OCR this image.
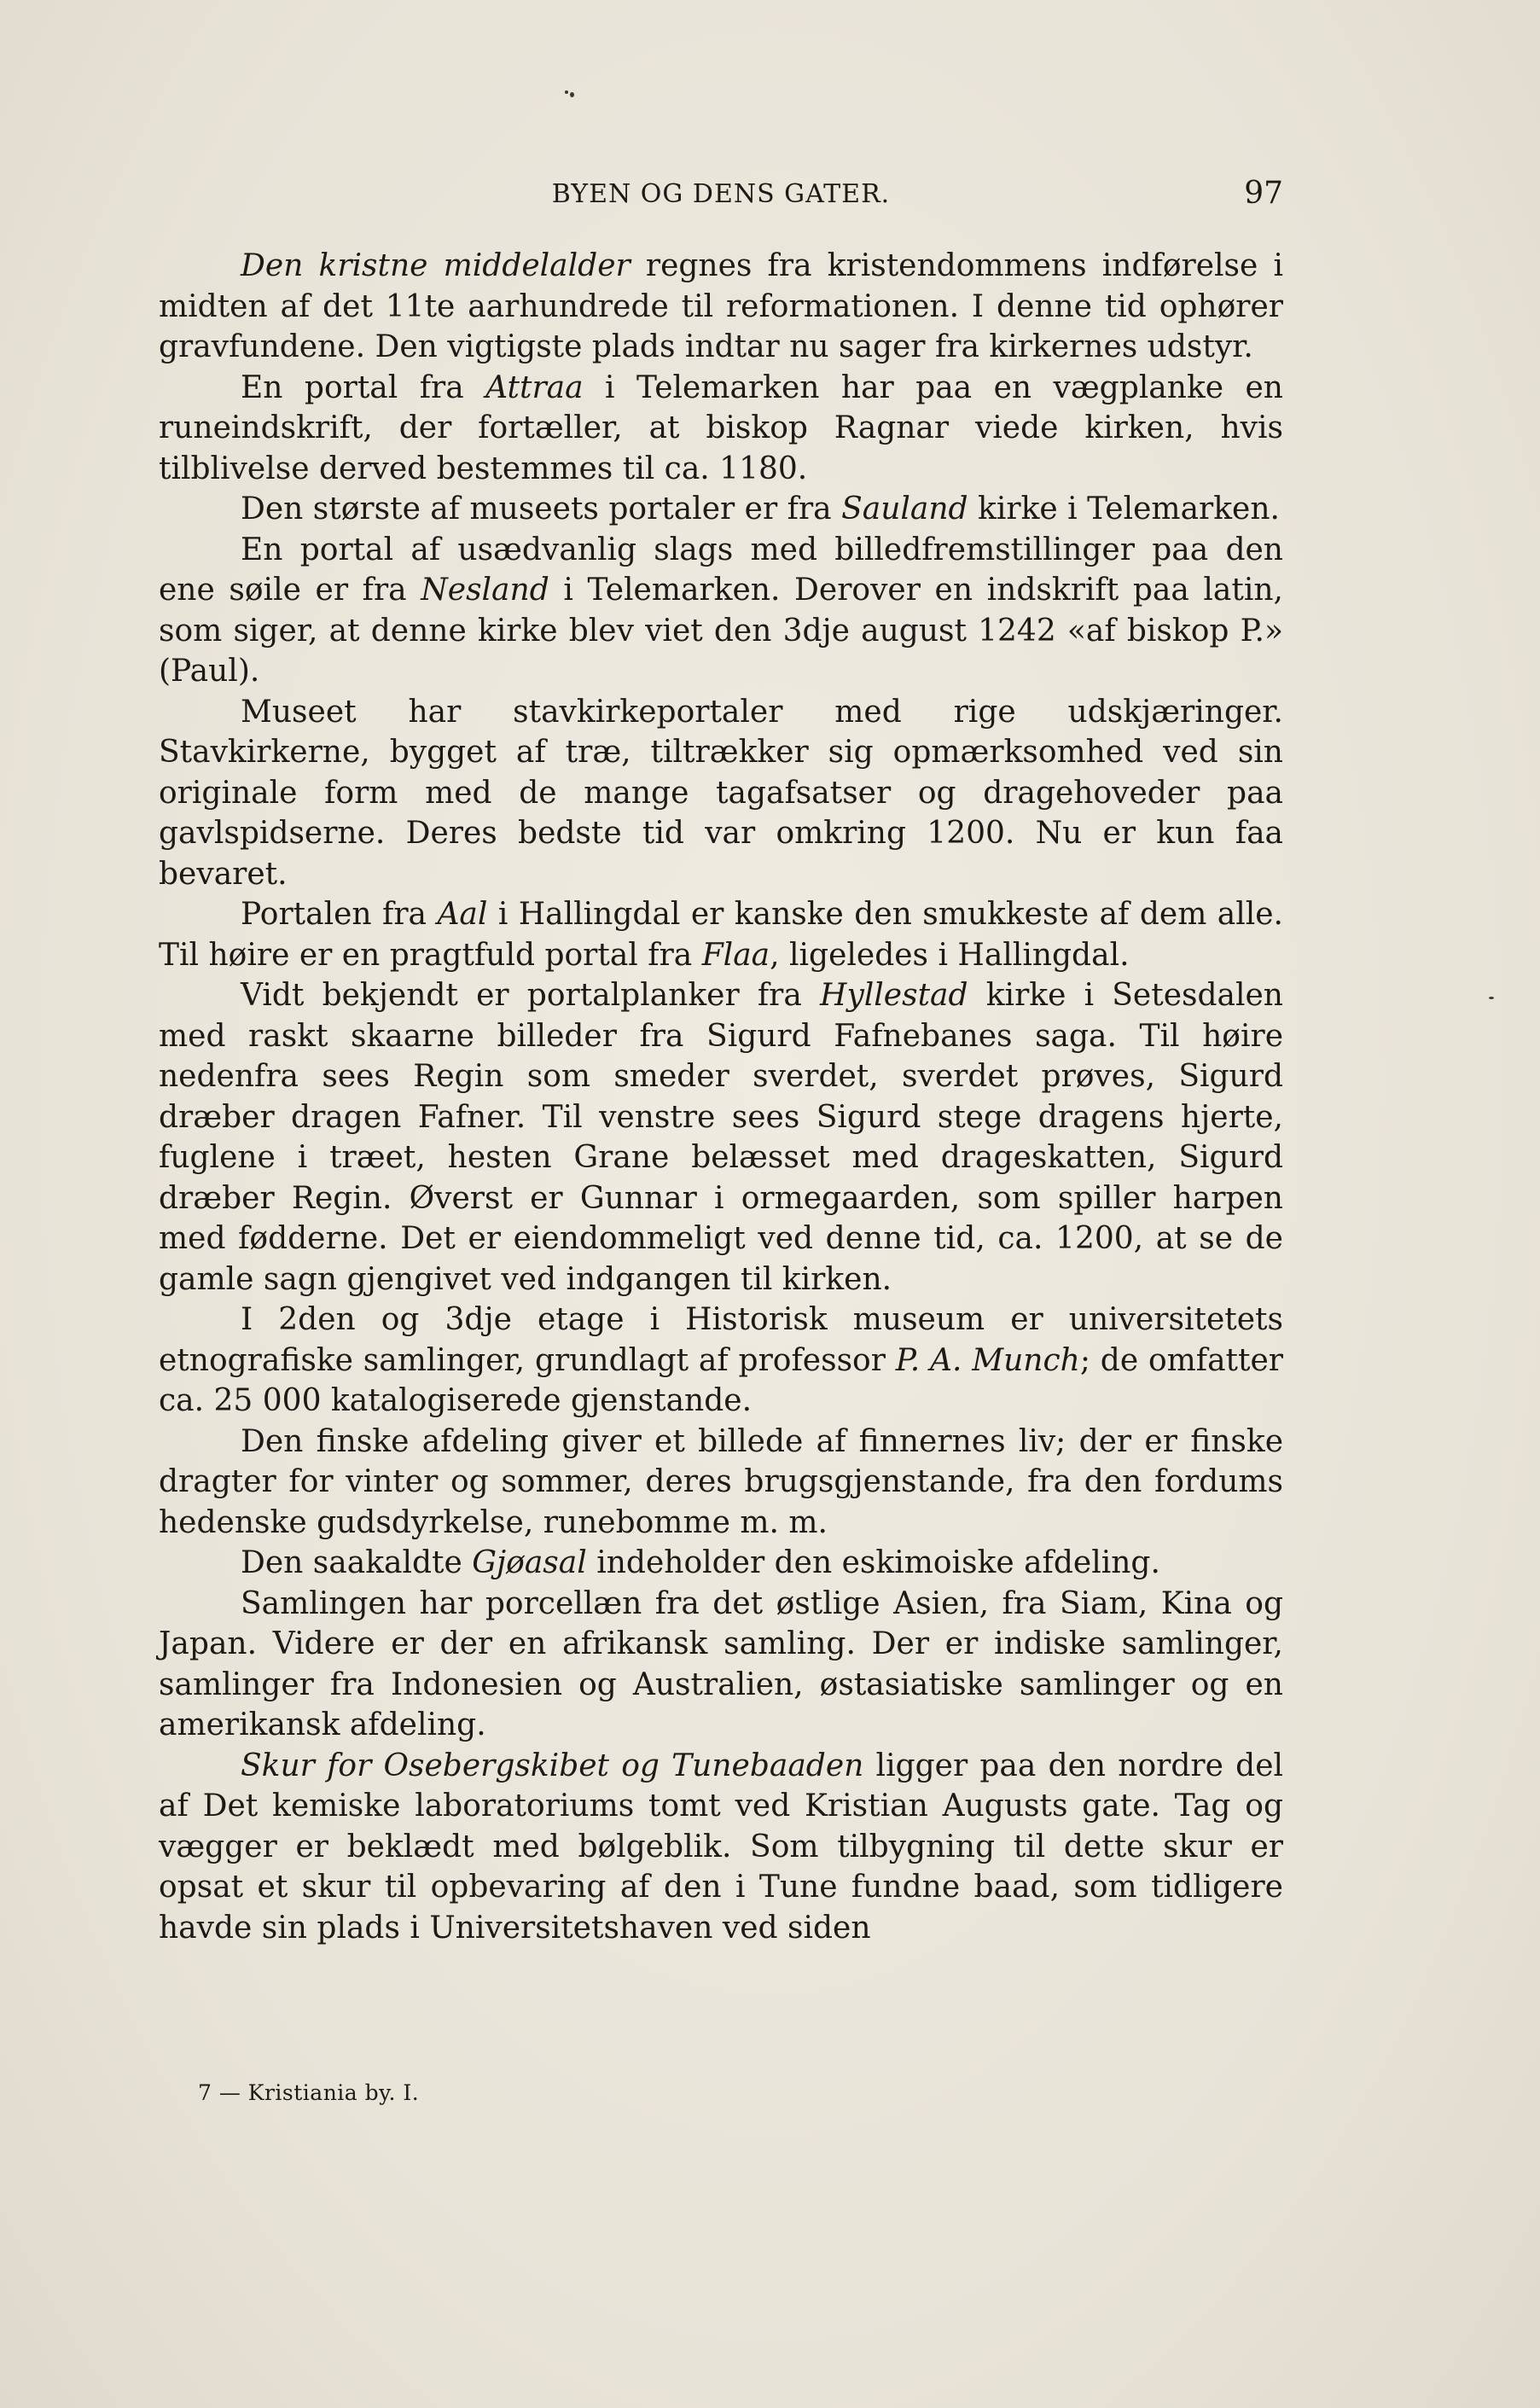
BYEN OG DENS GATER.	97

Den kristne middelalder regnes fra kristendommens indførelse i midten af det 11te aarhundrede til reformationen. I denne tid ophører gravfundene. Den vigtigste plads indtar nu sager fra kirkernes udstyr.

En portal fra Attraa i Telemarken har paa en vægplanke en runeindskrift, der fortæller, at biskop Ragnar viede kirken, hvis tilblivelse derved bestemmes til ca. 1180.

Den største af museets portaler er fra Sauland kirke i Telemarken.

En portal af usædvanlig slags med billedfremstillinger paa den ene søile er fra Nesland i Telemarken. Derover en indskrift paa latin, som siger, at denne kirke blev viet den 3dje august 1242 «af biskop P.» (Paul).

Museet har stavkirkeportaler med rige udskjæringer. Stavkirkerne, bygget af træ, tiltrækker sig opmærksomhed ved sin originale form med de mange tagafsatser og dragehoveder paa gavlspidserne. Deres bedste tid var omkring 1200. Nu er kun faa bevaret.

Portalen fra Aal i Hallingdal er kanske den smukkeste af dem alle. Til høire er en pragtfuld portal fra Flaa, ligeledes i Hallingdal.

Vidt bekjendt er portalplanker fra Hyllestad kirke i Setesdalen med raskt skaarne billeder fra Sigurd Fafnebanes saga. Til høire nedenfra sees Regin som smeder sverdet, sverdet prøves, Sigurd dræber dragen Fafner. Til venstre sees Sigurd stege dragens hjerte, fuglene i træet, hesten Grane belæsset med drageskatten, Sigurd dræber Regin. Øverst er Gunnar i ormegaarden, som spiller harpen med fødderne. Det er eiendommeligt ved denne tid, ca. 1200, at se de gamle sagn gjengivet ved indgangen til kirken.

I 2den og 3dje etage i Historisk museum er universitetets etnografiske samlinger, grundlagt af professor P. A. Munch; de omfatter ca. 25 000 katalogiserede gjenstande.

Den finske afdeling giver et billede af finnernes liv; der er finske dragter for vinter og sommer, deres brugsgjenstande, fra den fordums hedenske gudsdyrkelse, runebomme m. m.

Den saakaldte Gjøasal indeholder den eskimoiske afdeling.

Samlingen har porcellæn fra det østlige Asien, fra Siam, Kina og Japan. Videre er der en afrikansk samling. Der er indiske samlinger, samlinger fra Indonesien og Australien, østasiatiske samlinger og en amerikansk afdeling.

Skur for Osebergskibet og Tunebaaden ligger paa den nordre del af Det kemiske laboratoriums tomt ved Kristian Augusts gate. Tag og vægger er beklædt med bølgeblik. Som tilbygning til dette skur er opsat et skur til opbevaring af den i Tune fundne baad, som tidligere havde sin plads i Universitetshaven ved siden

7 — Kristiania by. I.
